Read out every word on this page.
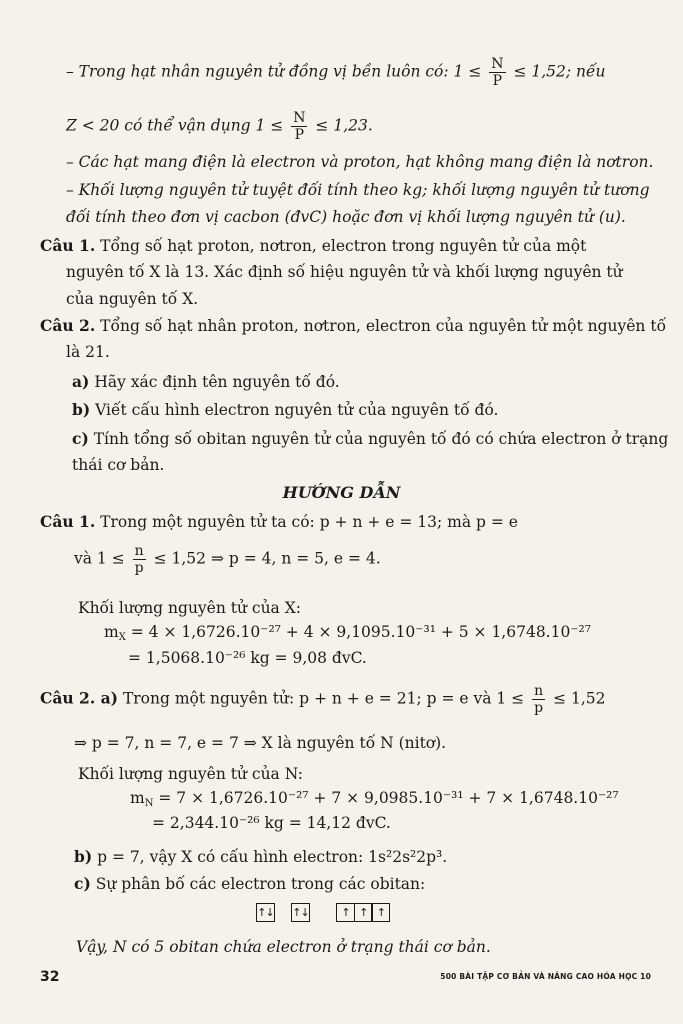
– Trong hạt nhân nguyên tử đồng vị bền luôn có: $1 \le \frac{N}{P} \le 1,52$; nếu
Z < 20 có thể vận dụng $1 \le \frac{N}{P} \le 1,23$.
– Các hạt mang điện là electron và proton, hạt không mang điện là nơtron.
– Khối lượng nguyên tử tuyệt đối tính theo kg; khối lượng nguyên tử tương
đối tính theo đơn vị cacbon (đvC) hoặc đơn vị khối lượng nguyên tử (u).
Câu 1. Tổng số hạt proton, nơtron, electron trong nguyên tử của một
nguyên tố X là 13. Xác định số hiệu nguyên tử và khối lượng nguyên tử
của nguyên tố X.
Câu 2. Tổng số hạt nhân proton, nơtron, electron của nguyên tử một nguyên tố
là 21.
a) Hãy xác định tên nguyên tố đó.
b) Viết cấu hình electron nguyên tử của nguyên tố đó.
c) Tính tổng số obitan nguyên tử của nguyên tố đó có chứa electron ở trạng
thái cơ bản.
HƯỚNG DẪN
Câu 1. Trong một nguyên tử ta có: p + n + e = 13; mà p = e
và $1 \le \frac{n}{p} \le 1,52$ ⇒ p = 4, n = 5, e = 4.
Khối lượng nguyên tử của X:
$m_X = 4 \times 1,6726.10^{-27} + 4 \times 9,1095.10^{-31} + 5 \times 1,6748.10^{-27}$
= 1,5068.10⁻²⁶ kg = 9,08 đvC.
Câu 2. a) Trong một nguyên tử: p + n + e = 21; p = e và $1 \le \frac{n}{p} \le 1,52$
⇒ p = 7, n = 7, e = 7 ⇒ X là nguyên tố N (nitơ).
Khối lượng nguyên tử của N:
$m_N = 7 \times 1,6726.10^{-27} + 7 \times 9,0985.10^{-31} + 7 \times 1,6748.10^{-27}$
= 2,344.10⁻²⁶ kg = 14,12 đvC.
b) p = 7, vậy X có cấu hình electron: 1s²2s²2p³.
c) Sự phân bố các electron trong các obitan:
↑↓ ↑↓	↑ ↑ ↑
Vậy, N có 5 obitan chứa electron ở trạng thái cơ bản.
32	500 BÀI TẬP CƠ BẢN VÀ NÂNG CAO HÓA HỌC 10
